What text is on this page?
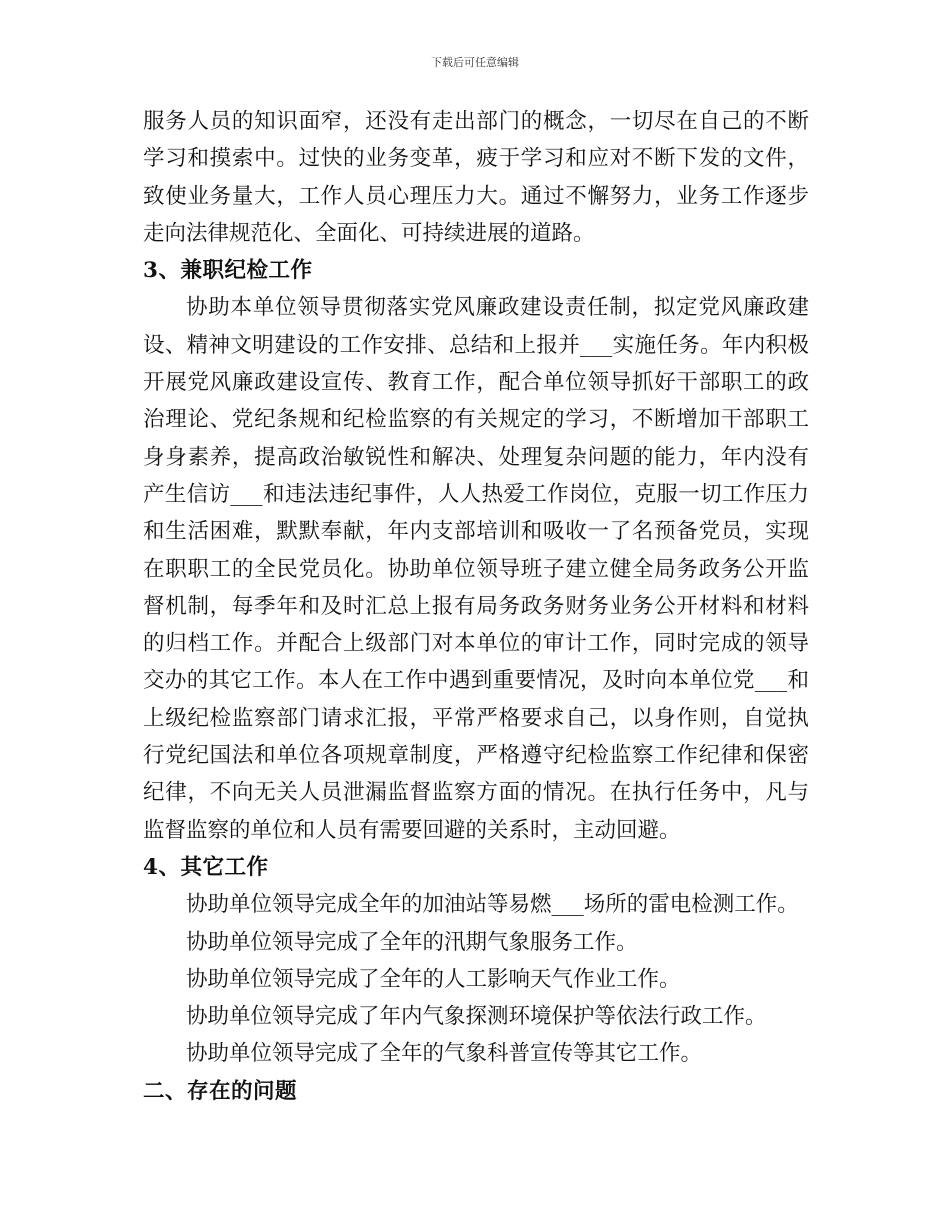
下载后可任意编辑

服务人员的知识面窄，还没有走出部门的概念，一切尽在自己的不断学习和摸索中。过快的业务变革，疲于学习和应对不断下发的文件，致使业务量大，工作人员心理压力大。通过不懈努力，业务工作逐步走向法律规范化、全面化、可持续进展的道路。

3、兼职纪检工作

协助本单位领导贯彻落实党风廉政建设责任制，拟定党风廉政建设、精神文明建设的工作安排、总结和上报并___实施任务。年内积极开展党风廉政建设宣传、教育工作，配合单位领导抓好干部职工的政治理论、党纪条规和纪检监察的有关规定的学习，不断增加干部职工身身素养，提高政治敏锐性和解决、处理复杂问题的能力，年内没有产生信访___和违法违纪事件，人人热爱工作岗位，克服一切工作压力和生活困难，默默奉献，年内支部培训和吸收一了名预备党员，实现在职职工的全民党员化。协助单位领导班子建立健全局务政务公开监督机制，每季年和及时汇总上报有局务政务财务业务公开材料和材料的归档工作。并配合上级部门对本单位的审计工作，同时完成的领导交办的其它工作。本人在工作中遇到重要情况，及时向本单位党___和上级纪检监察部门请求汇报，平常严格要求自己，以身作则，自觉执行党纪国法和单位各项规章制度，严格遵守纪检监察工作纪律和保密纪律，不向无关人员泄漏监督监察方面的情况。在执行任务中，凡与监督监察的单位和人员有需要回避的关系时，主动回避。

4、其它工作

协助单位领导完成全年的加油站等易燃___场所的雷电检测工作。

协助单位领导完成了全年的汛期气象服务工作。

协助单位领导完成了全年的人工影响天气作业工作。

协助单位领导完成了年内气象探测环境保护等依法行政工作。

协助单位领导完成了全年的气象科普宣传等其它工作。

二、存在的问题
